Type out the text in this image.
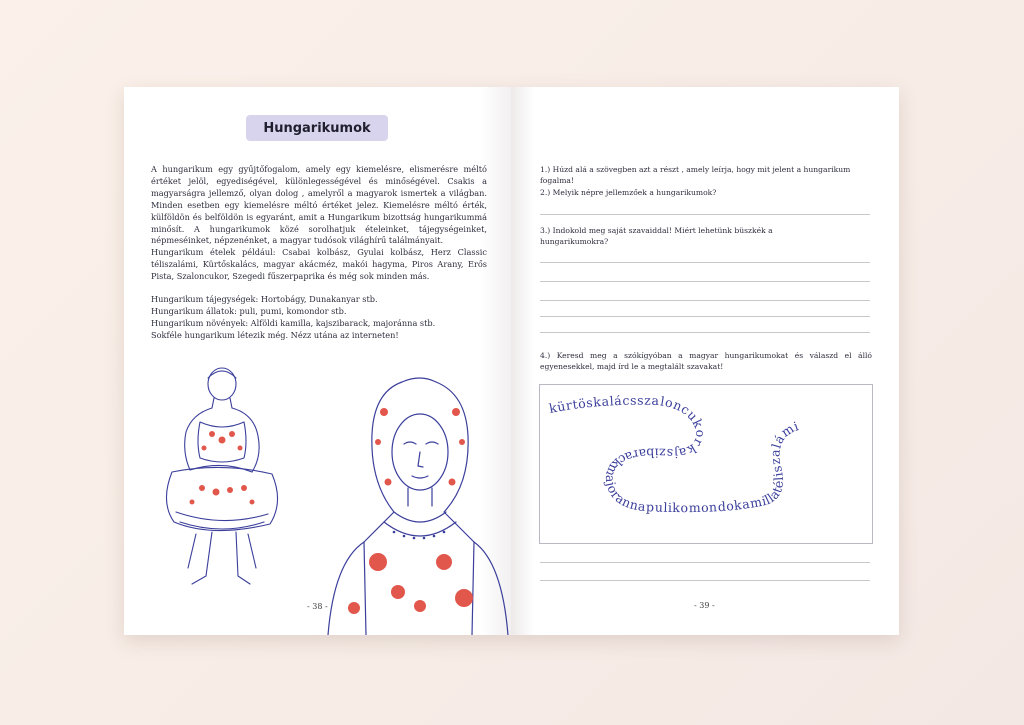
Hungarikumok

A hungarikum egy gyűjtőfogalom, amely egy kiemelésre, elismerésre méltó értéket jelöl, egyediségével, különlegességével és minőségével. Csakis a magyarságra jellemző, olyan dolog , amelyről a magyarok ismertek a világban. Minden esetben egy kiemelésre méltó értéket jelez. Kiemelésre méltó érték, külföldön és belföldön is egyaránt, amit a Hungarikum bizottság hungarikummá minősít. A hungarikumok közé sorolhatjuk ételeinket, tájegységeinket, népmeséinket, népzenénket, a magyar tudósok világhírű találmányait.

Hungarikum ételek például: Csabai kolbász, Gyulai kolbász, Herz Classic téliszalámi, Kürtőskalács, magyar akácméz, makói hagyma, Piros Arany, Erős Pista, Szaloncukor, Szegedi fűszerpaprika és még sok minden más.

Hungarikum tájegységek: Hortobágy, Dunakanyar stb.

Hungarikum állatok: puli, pumi, komondor stb.

Hungarikum növények: Alföldi kamilla, kajszibarack, majoránna stb.

Sokféle hungarikum létezik még. Nézz utána az interneten!

- 38 -
1.) Húzd alá a szövegben azt a részt , amely leírja, hogy mit jelent a hungarikum fogalma!
2.) Melyik népre jellemzőek a hungarikumok?
3.) Indokold meg saját szavaiddal! Miért lehetünk büszkék a hungarikumokra?
4.) Keresd meg a szókígyóban a magyar hungarikumokat és válaszd el álló egyenesekkel, majd írd le a megtalált szavakat!
kürtöskalácsszaloncukorkajszibarackmajorannapulikomondokamillatéliszalámi
- 39 -
